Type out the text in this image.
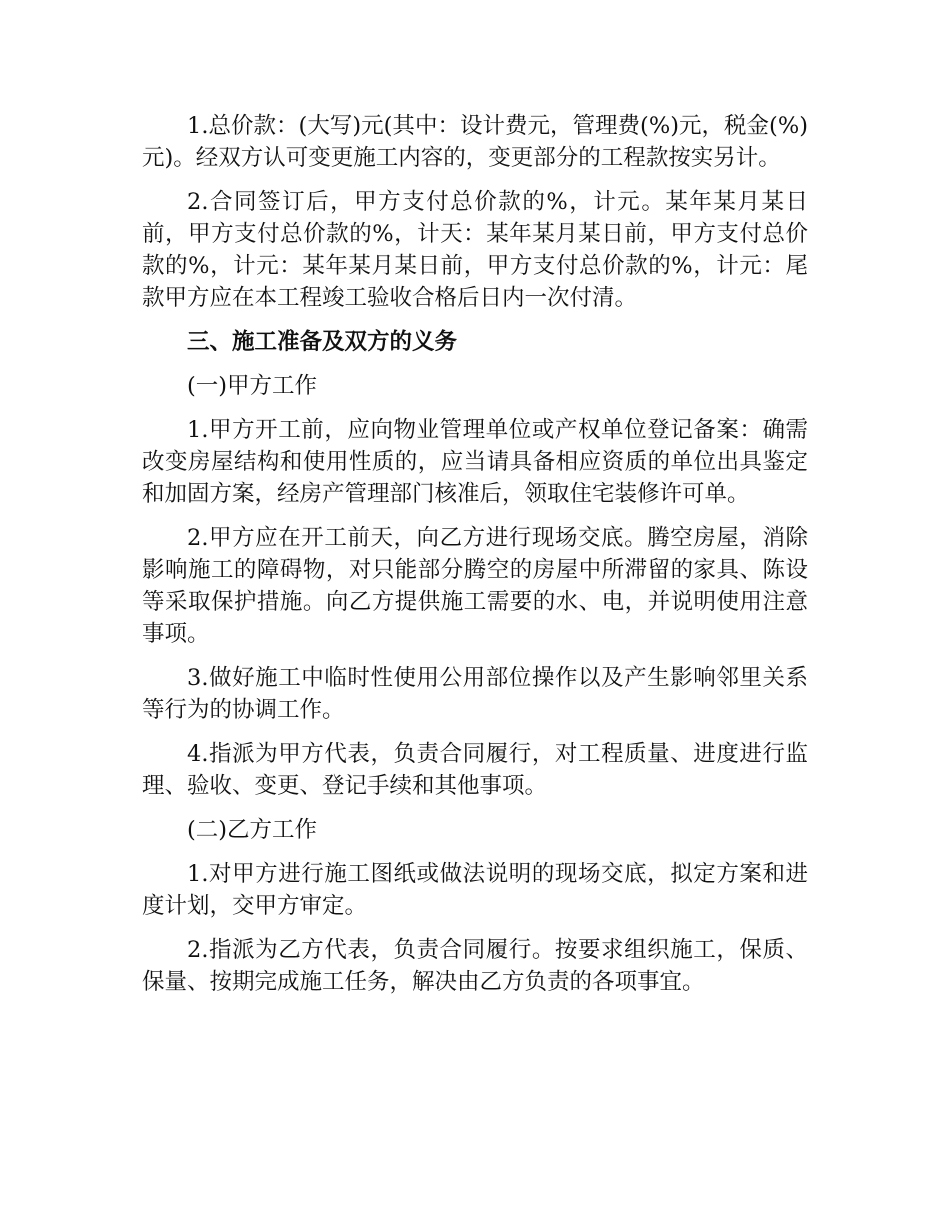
1.总价款：(大写)元(其中：设计费元，管理费(%)元，税金(%)元)。经双方认可变更施工内容的，变更部分的工程款按实另计。

2.合同签订后，甲方支付总价款的%，计元。某年某月某日前，甲方支付总价款的%，计天：某年某月某日前，甲方支付总价款的%，计元：某年某月某日前，甲方支付总价款的%，计元：尾款甲方应在本工程竣工验收合格后日内一次付清。

三、施工准备及双方的义务

(一)甲方工作

1.甲方开工前，应向物业管理单位或产权单位登记备案：确需改变房屋结构和使用性质的，应当请具备相应资质的单位出具鉴定和加固方案，经房产管理部门核准后，领取住宅装修许可单。

2.甲方应在开工前天，向乙方进行现场交底。腾空房屋，消除影响施工的障碍物，对只能部分腾空的房屋中所滞留的家具、陈设等采取保护措施。向乙方提供施工需要的水、电，并说明使用注意事项。

3.做好施工中临时性使用公用部位操作以及产生影响邻里关系等行为的协调工作。

4.指派为甲方代表，负责合同履行，对工程质量、进度进行监理、验收、变更、登记手续和其他事项。

(二)乙方工作

1.对甲方进行施工图纸或做法说明的现场交底，拟定方案和进度计划，交甲方审定。

2.指派为乙方代表，负责合同履行。按要求组织施工，保质、保量、按期完成施工任务，解决由乙方负责的各项事宜。
